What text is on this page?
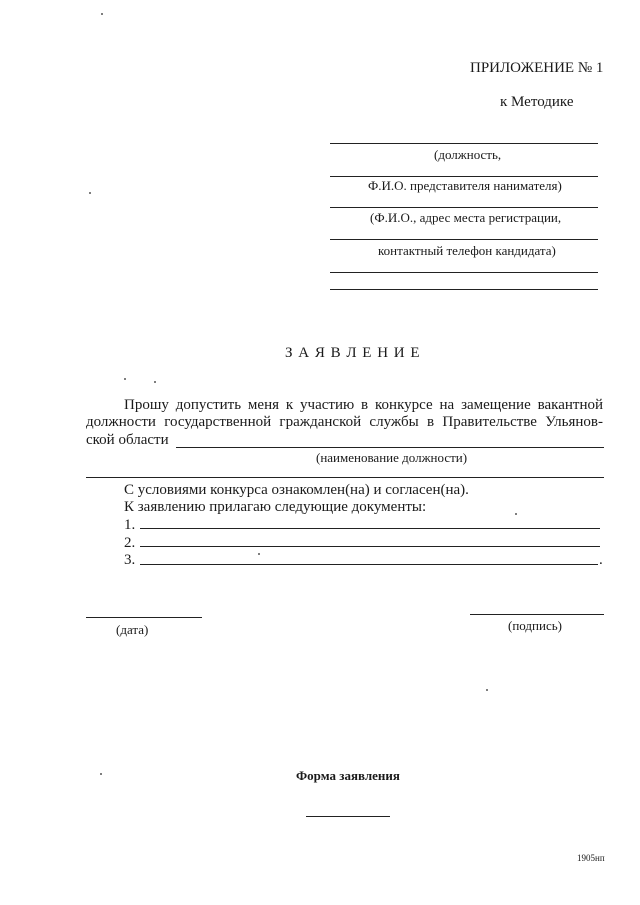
ПРИЛОЖЕНИЕ № 1
к Методике
(должность,
Ф.И.О. представителя нанимателя)
(Ф.И.О., адрес места регистрации,
контактный телефон кандидата)
З А Я В Л Е Н И Е
Прошу допустить меня к участию в конкурсе на замещение вакантной
должности государственной гражданской службы в Правительстве Ульянов-
ской области
(наименование должности)
С условиями конкурса ознакомлен(на) и согласен(на).
К заявлению прилагаю следующие документы:
1.
2.
3.	.
(дата)	(подпись)
Форма заявления
1905нп
